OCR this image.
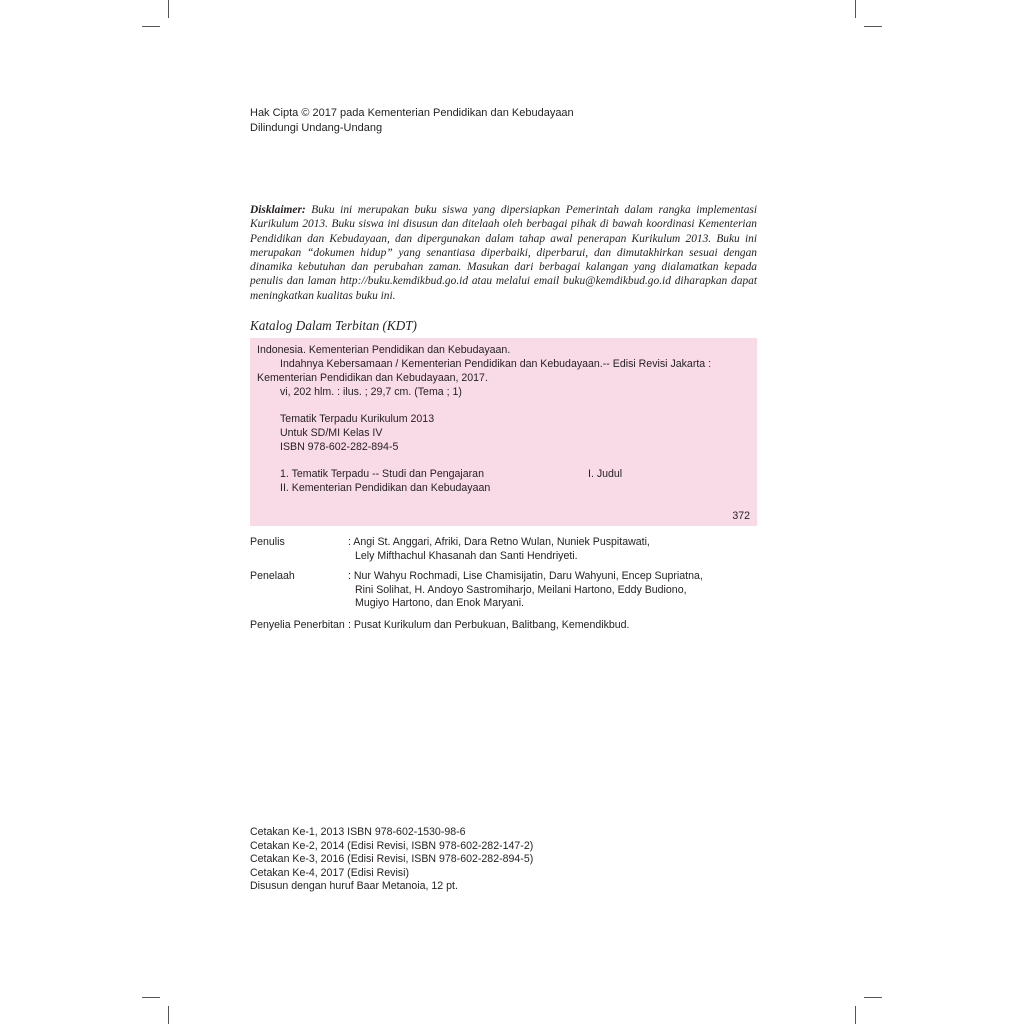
Hak Cipta © 2017 pada Kementerian Pendidikan dan Kebudayaan
Dilindungi Undang-Undang
Disklaimer: Buku ini merupakan buku siswa yang dipersiapkan Pemerintah dalam rangka implementasi Kurikulum 2013. Buku siswa ini disusun dan ditelaah oleh berbagai pihak di bawah koordinasi Kementerian Pendidikan dan Kebudayaan, dan dipergunakan dalam tahap awal penerapan Kurikulum 2013. Buku ini merupakan “dokumen hidup” yang senantiasa diperbaiki, diperbarui, dan dimutakhirkan sesuai dengan dinamika kebutuhan dan perubahan zaman. Masukan dari berbagai kalangan yang dialamatkan kepada penulis dan laman http://buku.kemdikbud.go.id atau melalui email buku@kemdikbud.go.id diharapkan dapat meningkatkan kualitas buku ini.
Katalog Dalam Terbitan (KDT)
Indonesia. Kementerian Pendidikan dan Kebudayaan.
Indahnya Kebersamaan / Kementerian Pendidikan dan Kebudayaan.-- Edisi Revisi Jakarta :
Kementerian Pendidikan dan Kebudayaan, 2017.
vi, 202 hlm. : ilus. ; 29,7 cm. (Tema ; 1)
Tematik Terpadu Kurikulum 2013
Untuk SD/MI Kelas IV
ISBN 978-602-282-894-5
1. Tematik Terpadu -- Studi dan Pengajaran	I. Judul
II. Kementerian Pendidikan dan Kebudayaan
372
Penulis	: Angi St. Anggari, Afriki, Dara Retno Wulan, Nuniek Puspitawati,
Lely Mifthachul Khasanah dan Santi Hendriyeti.
Penelaah	: Nur Wahyu Rochmadi, Lise Chamisijatin, Daru Wahyuni, Encep Supriatna,
Rini Solihat, H. Andoyo Sastromiharjo, Meilani Hartono, Eddy Budiono,
Mugiyo Hartono, dan Enok Maryani.
Penyelia Penerbitan : Pusat Kurikulum dan Perbukuan, Balitbang, Kemendikbud.
Cetakan Ke-1, 2013 ISBN 978-602-1530-98-6
Cetakan Ke-2, 2014 (Edisi Revisi, ISBN 978-602-282-147-2)
Cetakan Ke-3, 2016 (Edisi Revisi, ISBN 978-602-282-894-5)
Cetakan Ke-4, 2017 (Edisi Revisi)
Disusun dengan huruf Baar Metanoia, 12 pt.
